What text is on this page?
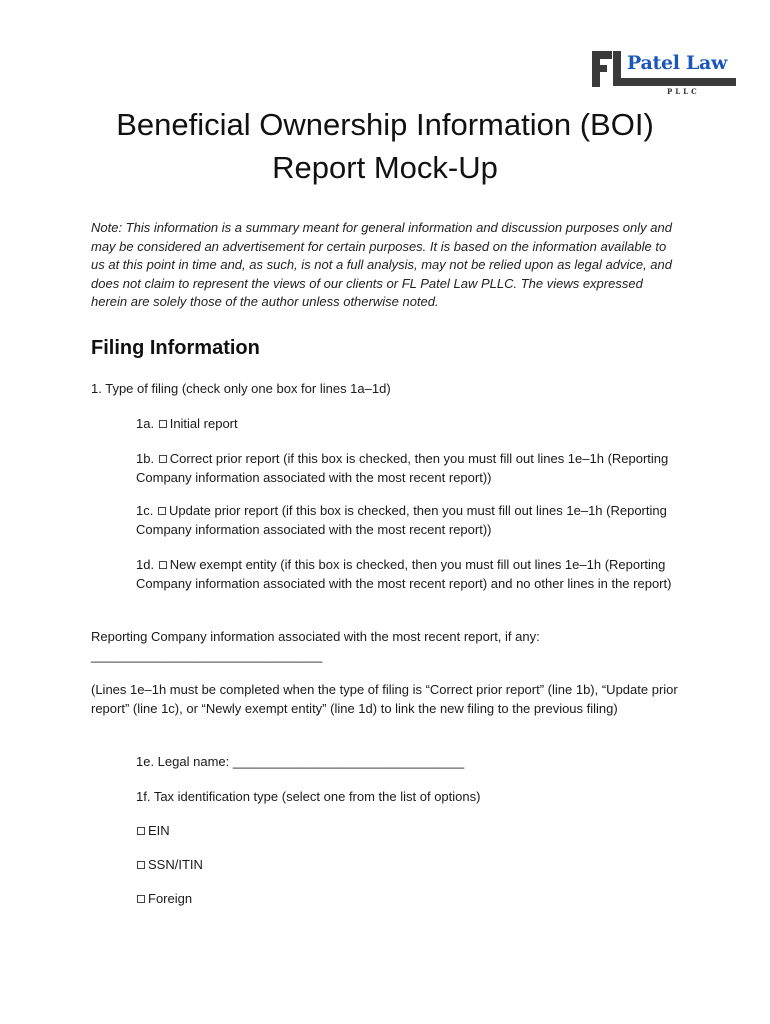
Patel Law
PLLC
Beneficial Ownership Information (BOI)
Report Mock-Up

Note: This information is a summary meant for general information and discussion purposes only and may be considered an advertisement for certain purposes. It is based on the information available to us at this point in time and, as such, is not a full analysis, may not be relied upon as legal advice, and does not claim to represent the views of our clients or FL Patel Law PLLC. The views expressed herein are solely those of the author unless otherwise noted.

Filing Information

1. Type of filing (check only one box for lines 1a–1d)

1a. Initial report

1b. Correct prior report (if this box is checked, then you must fill out lines 1e–1h (Reporting Company information associated with the most recent report))

1c. Update prior report (if this box is checked, then you must fill out lines 1e–1h (Reporting Company information associated with the most recent report))

1d. New exempt entity (if this box is checked, then you must fill out lines 1e–1h (Reporting Company information associated with the most recent report) and no other lines in the report)

Reporting Company information associated with the most recent report, if any:
________________________________

(Lines 1e–1h must be completed when the type of filing is “Correct prior report” (line 1b), “Update prior report” (line 1c), or “Newly exempt entity” (line 1d) to link the new filing to the previous filing)

1e. Legal name: ________________________________

1f. Tax identification type (select one from the list of options)

EIN

SSN/ITIN

Foreign
